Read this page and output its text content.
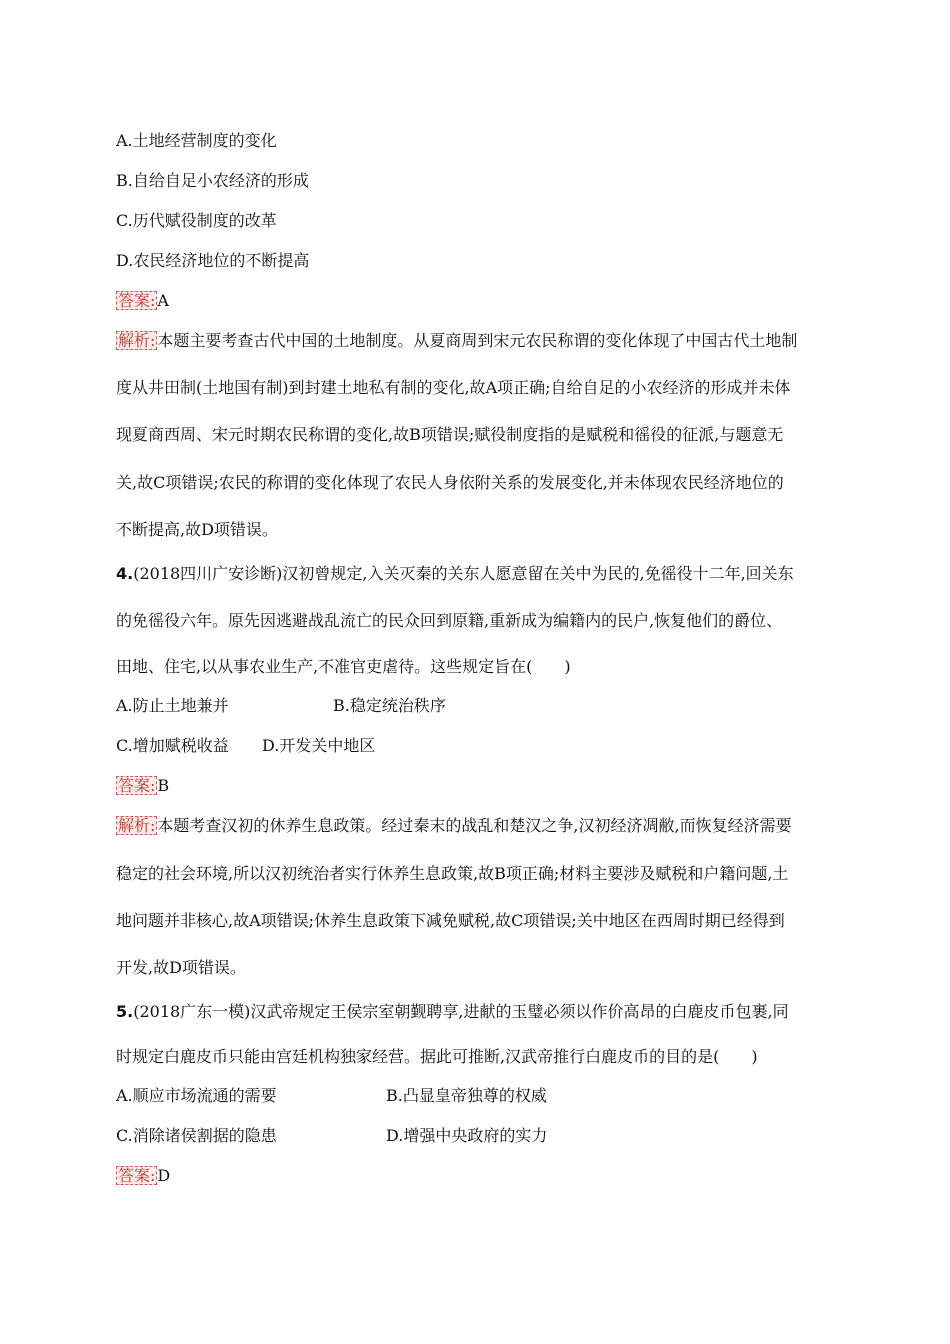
A.土地经营制度的变化
B.自给自足小农经济的形成
C.历代赋役制度的改革
D.农民经济地位的不断提高
答案: A
解析: 本题主要考查古代中国的土地制度。从夏商周到宋元农民称谓的变化体现了中国古代土地制
度从井田制(土地国有制)到封建土地私有制的变化,故A项正确;自给自足的小农经济的形成并未体
现夏商西周、宋元时期农民称谓的变化,故B项错误;赋役制度指的是赋税和徭役的征派,与题意无
关,故C项错误;农民的称谓的变化体现了农民人身依附关系的发展变化,并未体现农民经济地位的
不断提高,故D项错误。
4.(2018四川广安诊断)汉初曾规定,入关灭秦的关东人愿意留在关中为民的,免徭役十二年,回关东
的免徭役六年。原先因逃避战乱流亡的民众回到原籍,重新成为编籍内的民户,恢复他们的爵位、
田地、住宅,以从事农业生产,不准官吏虐待。这些规定旨在(　　)
A.防止土地兼并	B.稳定统治秩序
C.增加赋税收益 D.开发关中地区
答案: B
解析: 本题考查汉初的休养生息政策。经过秦末的战乱和楚汉之争,汉初经济凋敝,而恢复经济需要
稳定的社会环境,所以汉初统治者实行休养生息政策,故B项正确;材料主要涉及赋税和户籍问题,土
地问题并非核心,故A项错误;休养生息政策下减免赋税,故C项错误;关中地区在西周时期已经得到
开发,故D项错误。
5.(2018广东一模)汉武帝规定王侯宗室朝觐聘享,进献的玉璧必须以作价高昂的白鹿皮币包裹,同
时规定白鹿皮币只能由宫廷机构独家经营。据此可推断,汉武帝推行白鹿皮币的目的是(　　)
A.顺应市场流通的需要	B.凸显皇帝独尊的权威
C.消除诸侯割据的隐患	D.增强中央政府的实力
答案: D
